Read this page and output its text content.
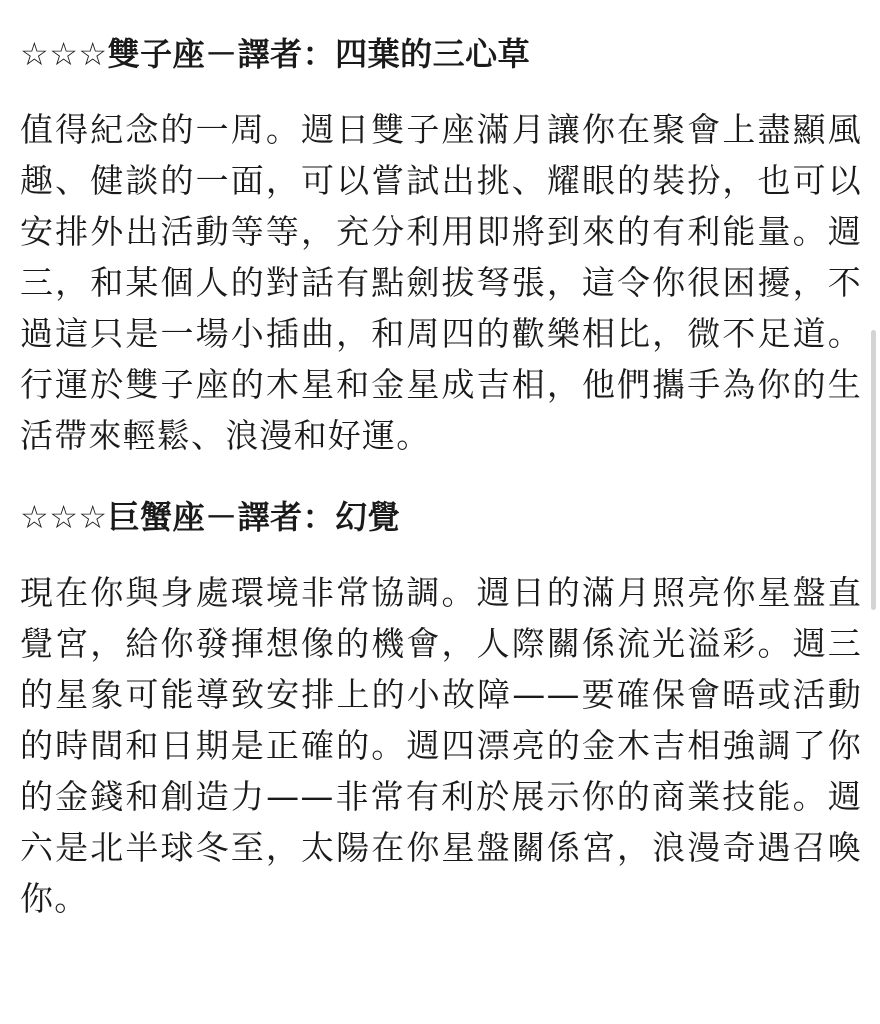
☆☆☆雙子座－譯者：四葉的三心草
值得紀念的一周。週日雙子座滿月讓你在聚會上盡顯風趣、健談的一面，可以嘗試出挑、耀眼的裝扮，也可以安排外出活動等等，充分利用即將到來的有利能量。週三，和某個人的對話有點劍拔弩張，這令你很困擾，不過這只是一場小插曲，和周四的歡樂相比，微不足道。行運於雙子座的木星和金星成吉相，他們攜手為你的生活帶來輕鬆、浪漫和好運。
☆☆☆巨蟹座－譯者：幻覺
現在你與身處環境非常協調。週日的滿月照亮你星盤直覺宮，給你發揮想像的機會，人際關係流光溢彩。週三的星象可能導致安排上的小故障——要確保會晤或活動的時間和日期是正確的。週四漂亮的金木吉相強調了你的金錢和創造力——非常有利於展示你的商業技能。週六是北半球冬至，太陽在你星盤關係宮，浪漫奇遇召喚你。
